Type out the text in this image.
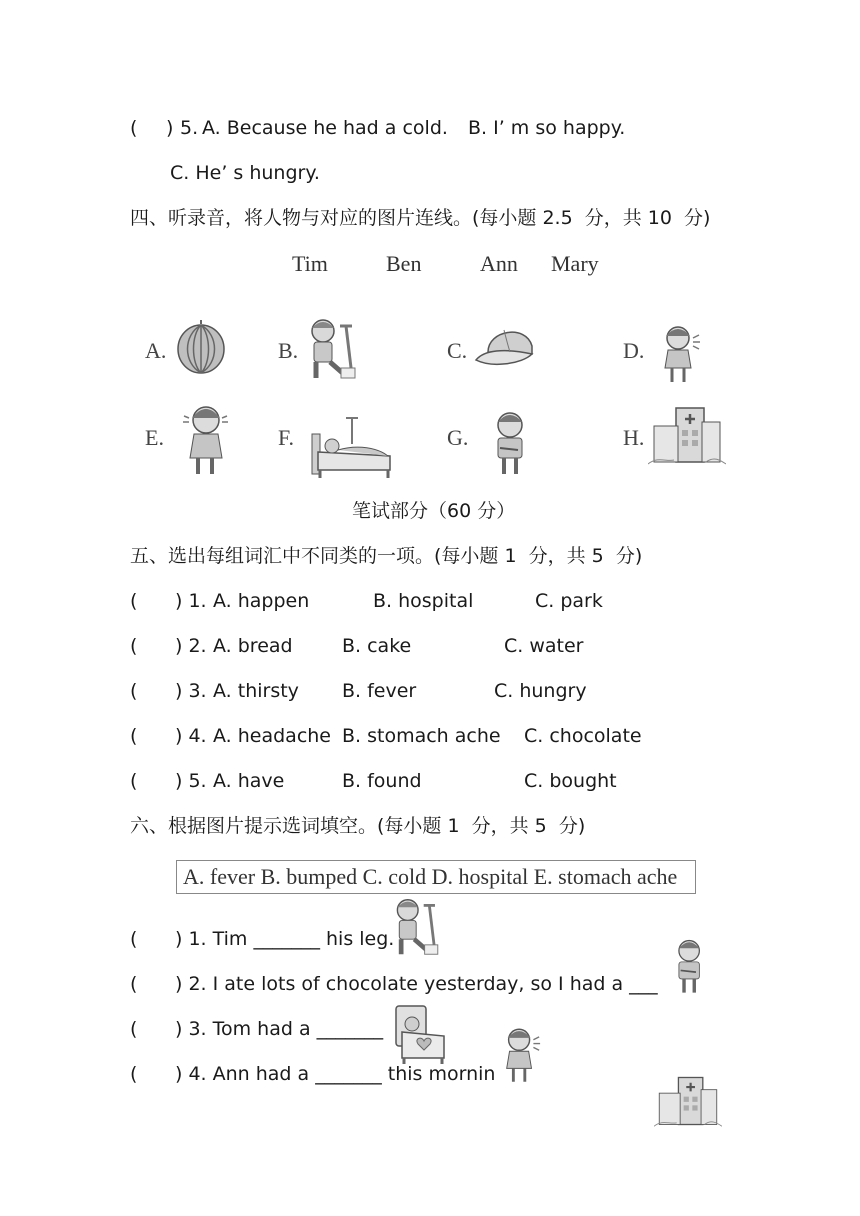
( ) 5. A. Because he had a cold. B. I’ m so happy.
C. He’ s hungry.
四、听录音，将人物与对应的图片连线。(每小题 2.5  分，共 10  分)
Tim	Ben	Ann Mary
A.	B.	C.	D.
E.	F.	G.	H.
笔试部分（60 分）
五、选出每组词汇中不同类的一项。(每小题 1  分，共 5  分)
( ) 1. A. happen	B. hospital	C. park
( ) 2. A. bread	B. cake	C. water
( ) 3. A. thirsty B. fever	C. hungry
( ) 4. A. headache B. stomach ache C. chocolate
( ) 5. A. have	B. found	C. bought
六、根据图片提示选词填空。(每小题 1  分，共 5  分)
A. fever B. bumped C. cold D. hospital E. stomach ache
( ) 1. Tim _______ his leg.
( ) 2. I ate lots of chocolate yesterday, so I had a ___
( ) 3. Tom had a _______
( ) 4. Ann had a _______ this mornin
